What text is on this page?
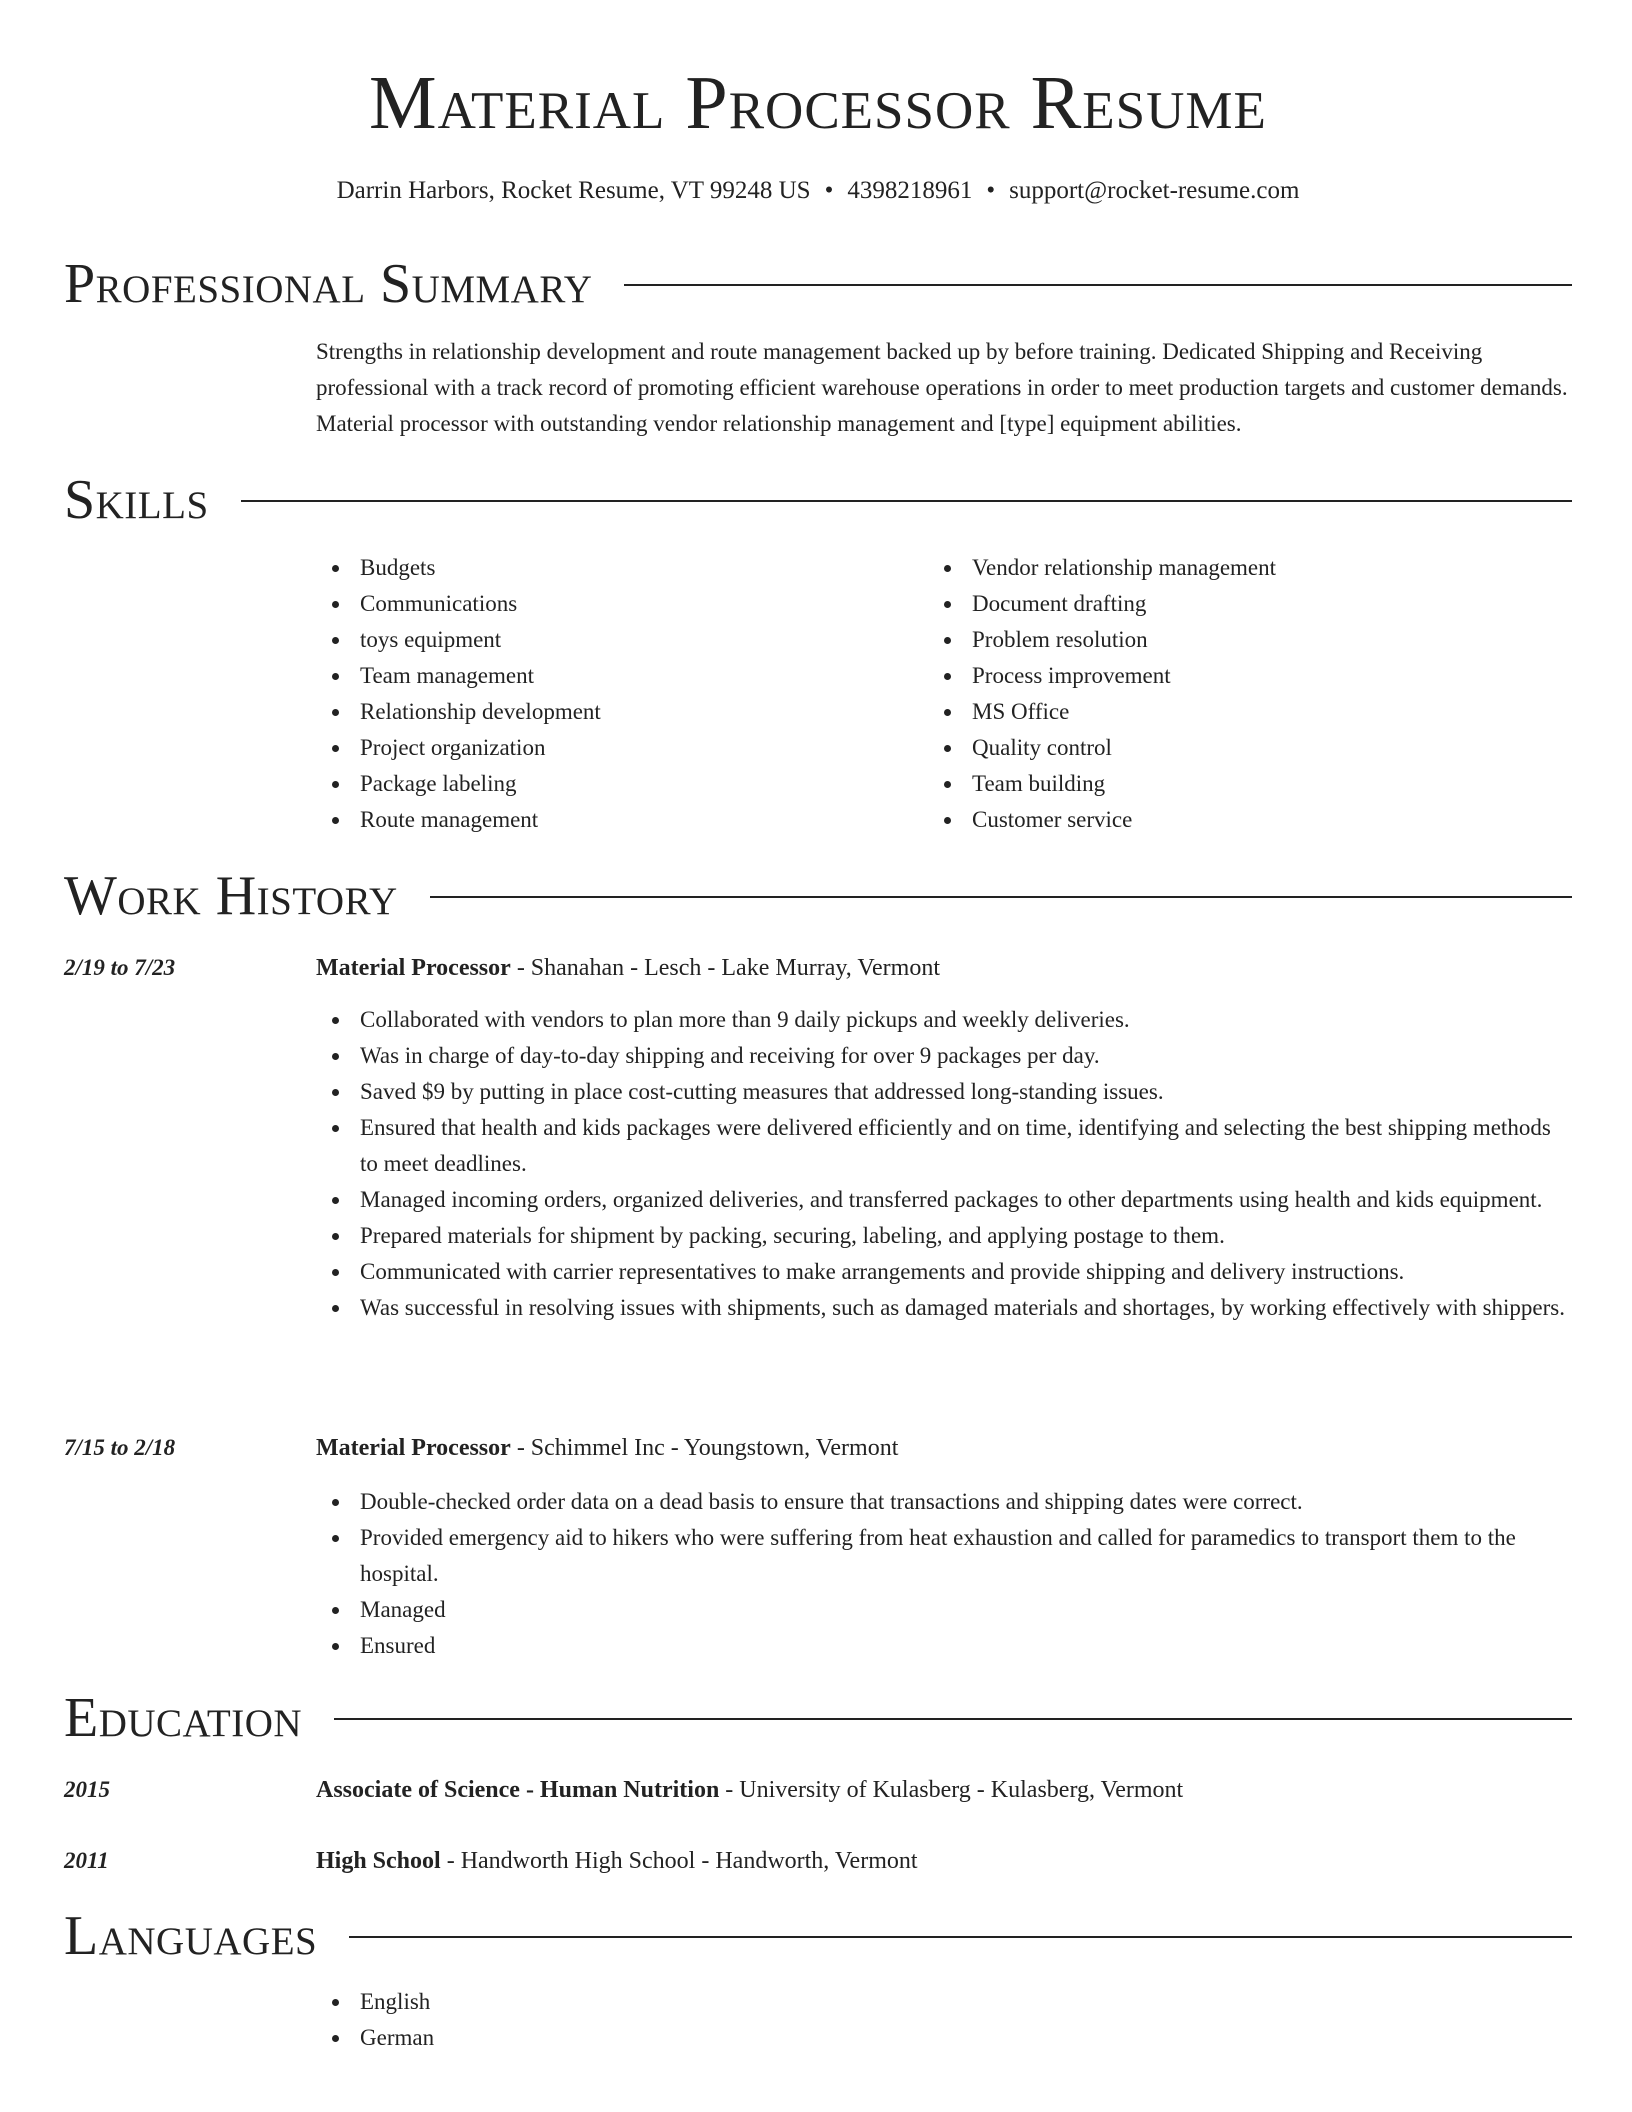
Material Processor Resume
Darrin Harbors, Rocket Resume, VT 99248 US • 4398218961 • support@rocket-resume.com
Professional Summary

Strengths in relationship development and route management backed up by before training. Dedicated Shipping and Receiving professional with a track record of promoting efficient warehouse operations in order to meet production targets and customer demands. Material processor with outstanding vendor relationship management and [type] equipment abilities.

Skills
Budgets
Communications
toys equipment
Team management
Relationship development
Project organization
Package labeling
Route management
Vendor relationship management
Document drafting
Problem resolution
Process improvement
MS Office
Quality control
Team building
Customer service
Work History
2/19 to 7/23	Material Processor - Shanahan - Lesch - Lake Murray, Vermont
Collaborated with vendors to plan more than 9 daily pickups and weekly deliveries.
Was in charge of day-to-day shipping and receiving for over 9 packages per day.
Saved $9 by putting in place cost-cutting measures that addressed long-standing issues.
Ensured that health and kids packages were delivered efficiently and on time, identifying and selecting the best shipping methods to meet deadlines.
Managed incoming orders, organized deliveries, and transferred packages to other departments using health and kids equipment.
Prepared materials for shipment by packing, securing, labeling, and applying postage to them.
Communicated with carrier representatives to make arrangements and provide shipping and delivery instructions.
Was successful in resolving issues with shipments, such as damaged materials and shortages, by working effectively with shippers.
7/15 to 2/18	Material Processor - Schimmel Inc - Youngstown, Vermont
Double-checked order data on a dead basis to ensure that transactions and shipping dates were correct.
Provided emergency aid to hikers who were suffering from heat exhaustion and called for paramedics to transport them to the hospital.
Managed
Ensured
Education
2015	Associate of Science - Human Nutrition - University of Kulasberg - Kulasberg, Vermont
2011	High School - Handworth High School - Handworth, Vermont
Languages
English
German
